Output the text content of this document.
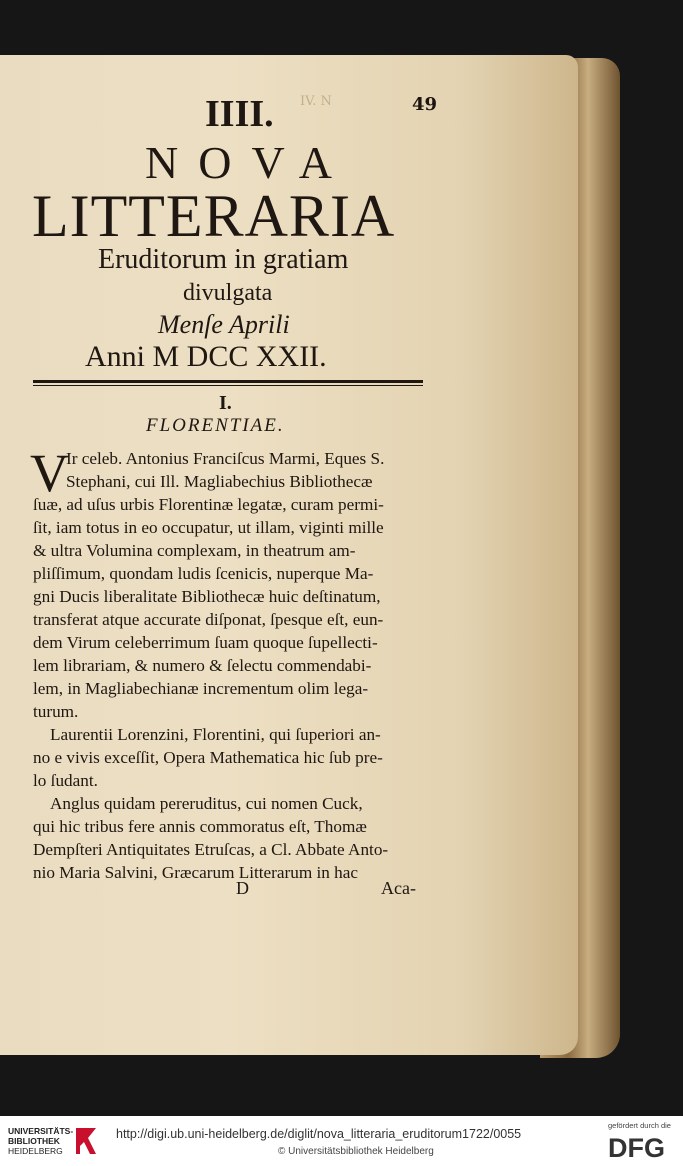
IV. N	49
IIII.
NOVA
LITTERARIA
Eruditorum in gratiam
divulgata
Menſe Aprili
Anni M DCC XXII.
I.
FLORENTIAE.
V
Ir celeb. Antonius Franciſcus Marmi, Eques S.
Stephani, cui Ill. Magliabechius Bibliothecæ
ſuæ, ad uſus urbis Florentinæ legatæ, curam permi-
ſit, iam totus in eo occupatur, ut illam, viginti mille
& ultra Volumina complexam, in theatrum am-
pliſſimum, quondam ludis ſcenicis, nuperque Ma-
gni Ducis liberalitate Bibliothecæ huic deſtinatum,
transferat atque accurate diſponat, ſpesque eſt, eun-
dem Virum celeberrimum ſuam quoque ſupellecti-
lem librariam, & numero & ſelectu commendabi-
lem, in Magliabechianæ incrementum olim lega-
turum.
Laurentii Lorenzini, Florentini, qui ſuperiori an-
no e vivis exceſſit, Opera Mathematica hic ſub pre-
lo ſudant.
Anglus quidam pereruditus, cui nomen Cuck,
qui hic tribus fere annis commoratus eſt, Thomæ
Dempſteri Antiquitates Etruſcas, a Cl. Abbate Anto-
nio Maria Salvini, Græcarum Litterarum in hac
D	Aca-
UNIVERSITÄTS-
BIBLIOTHEK
HEIDELBERG
http://digi.ub.uni-heidelberg.de/diglit/nova_litteraria_eruditorum1722/0055
© Universitätsbibliothek Heidelberg
gefördert durch die
DFG
